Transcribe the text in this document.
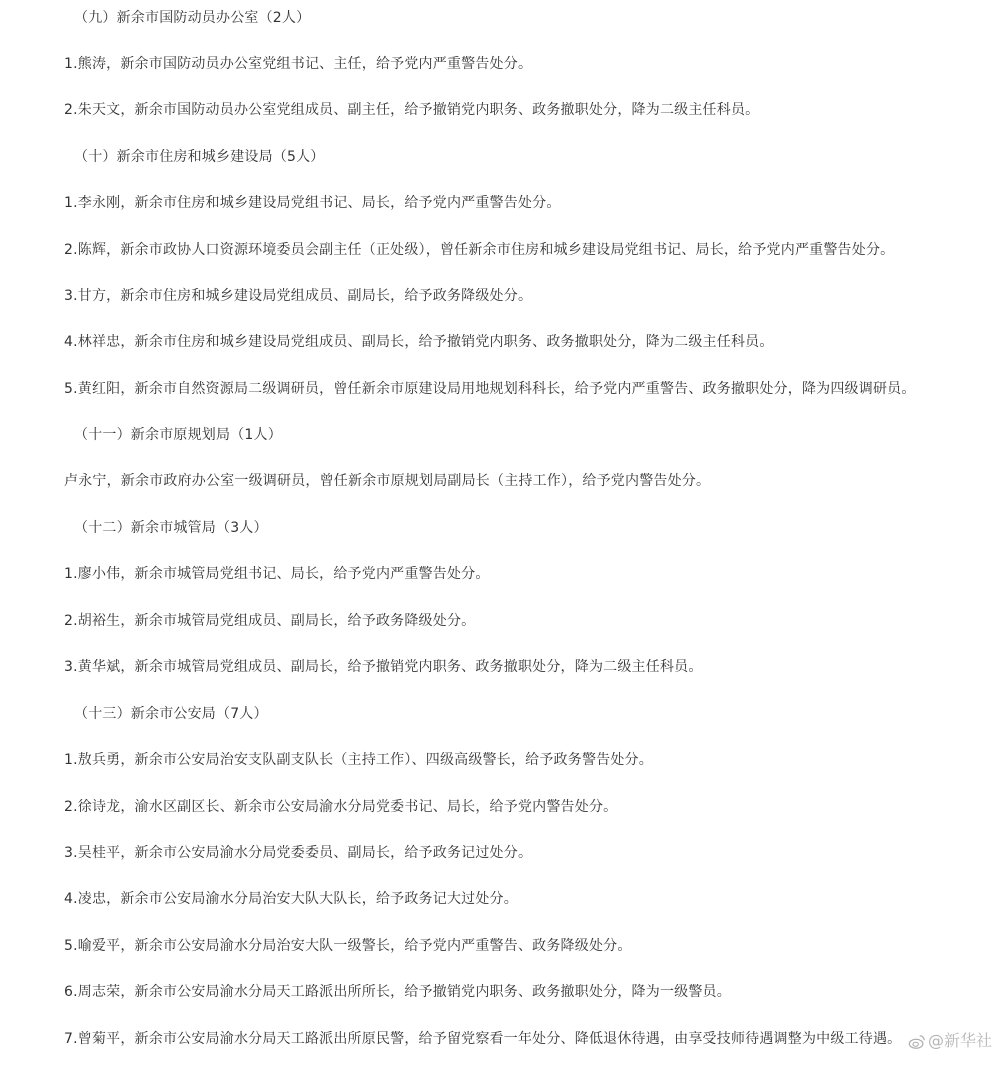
（九）新余市国防动员办公室（2人）
1.熊涛，新余市国防动员办公室党组书记、主任，给予党内严重警告处分。
2.朱天文，新余市国防动员办公室党组成员、副主任，给予撤销党内职务、政务撤职处分，降为二级主任科员。
（十）新余市住房和城乡建设局（5人）
1.李永刚，新余市住房和城乡建设局党组书记、局长，给予党内严重警告处分。
2.陈辉，新余市政协人口资源环境委员会副主任（正处级），曾任新余市住房和城乡建设局党组书记、局长，给予党内严重警告处分。
3.甘方，新余市住房和城乡建设局党组成员、副局长，给予政务降级处分。
4.林祥忠，新余市住房和城乡建设局党组成员、副局长，给予撤销党内职务、政务撤职处分，降为二级主任科员。
5.黄红阳，新余市自然资源局二级调研员，曾任新余市原建设局用地规划科科长，给予党内严重警告、政务撤职处分，降为四级调研员。
（十一）新余市原规划局（1人）
卢永宁，新余市政府办公室一级调研员，曾任新余市原规划局副局长（主持工作），给予党内警告处分。
（十二）新余市城管局（3人）
1.廖小伟，新余市城管局党组书记、局长，给予党内严重警告处分。
2.胡裕生，新余市城管局党组成员、副局长，给予政务降级处分。
3.黄华斌，新余市城管局党组成员、副局长，给予撤销党内职务、政务撤职处分，降为二级主任科员。
（十三）新余市公安局（7人）
1.敖兵勇，新余市公安局治安支队副支队长（主持工作）、四级高级警长，给予政务警告处分。
2.徐诗龙，渝水区副区长、新余市公安局渝水分局党委书记、局长，给予党内警告处分。
3.吴桂平，新余市公安局渝水分局党委委员、副局长，给予政务记过处分。
4.凌忠，新余市公安局渝水分局治安大队大队长，给予政务记大过处分。
5.喻爱平，新余市公安局渝水分局治安大队一级警长，给予党内严重警告、政务降级处分。
6.周志荣，新余市公安局渝水分局天工路派出所所长，给予撤销党内职务、政务撤职处分，降为一级警员。
7.曾菊平，新余市公安局渝水分局天工路派出所原民警，给予留党察看一年处分、降低退休待遇，由享受技师待遇调整为中级工待遇。	@新华社
